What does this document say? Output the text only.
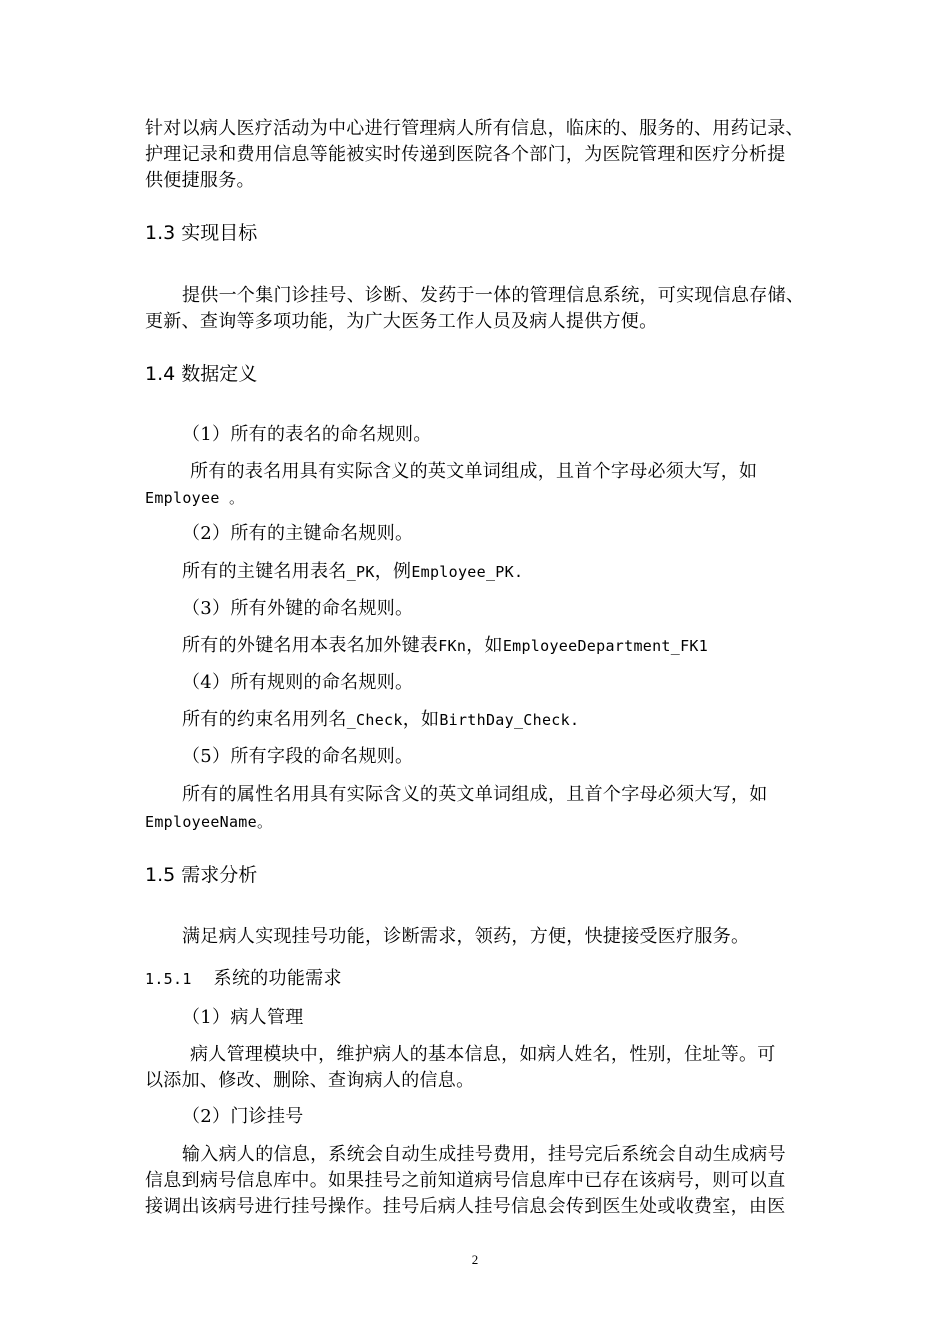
针对以病人医疗活动为中心进行管理病人所有信息，临床的、服务的、用药记录、
护理记录和费用信息等能被实时传递到医院各个部门，为医院管理和医疗分析提
供便捷服务。
1.3 实现目标
提供一个集门诊挂号、诊断、发药于一体的管理信息系统，可实现信息存储、
更新、查询等多项功能，为广大医务工作人员及病人提供方便。
1.4 数据定义
（1）所有的表名的命名规则。
所有的表名用具有实际含义的英文单词组成，且首个字母必须大写，如
Employee 。
（2）所有的主键命名规则。
所有的主键名用表名_PK，例Employee_PK.
（3）所有外键的命名规则。
所有的外键名用本表名加外键表FKn，如EmployeeDepartment_FK1
（4）所有规则的命名规则。
所有的约束名用列名_Check，如BirthDay_Check.
（5）所有字段的命名规则。
所有的属性名用具有实际含义的英文单词组成，且首个字母必须大写，如
EmployeeName。
1.5 需求分析
满足病人实现挂号功能，诊断需求，领药，方便，快捷接受医疗服务。
1.5.1 系统的功能需求
（1）病人管理
病人管理模块中，维护病人的基本信息，如病人姓名，性别，住址等。可
以添加、修改、删除、查询病人的信息。
（2）门诊挂号
输入病人的信息，系统会自动生成挂号费用，挂号完后系统会自动生成病号
信息到病号信息库中。如果挂号之前知道病号信息库中已存在该病号，则可以直
接调出该病号进行挂号操作。挂号后病人挂号信息会传到医生处或收费室，由医
2
